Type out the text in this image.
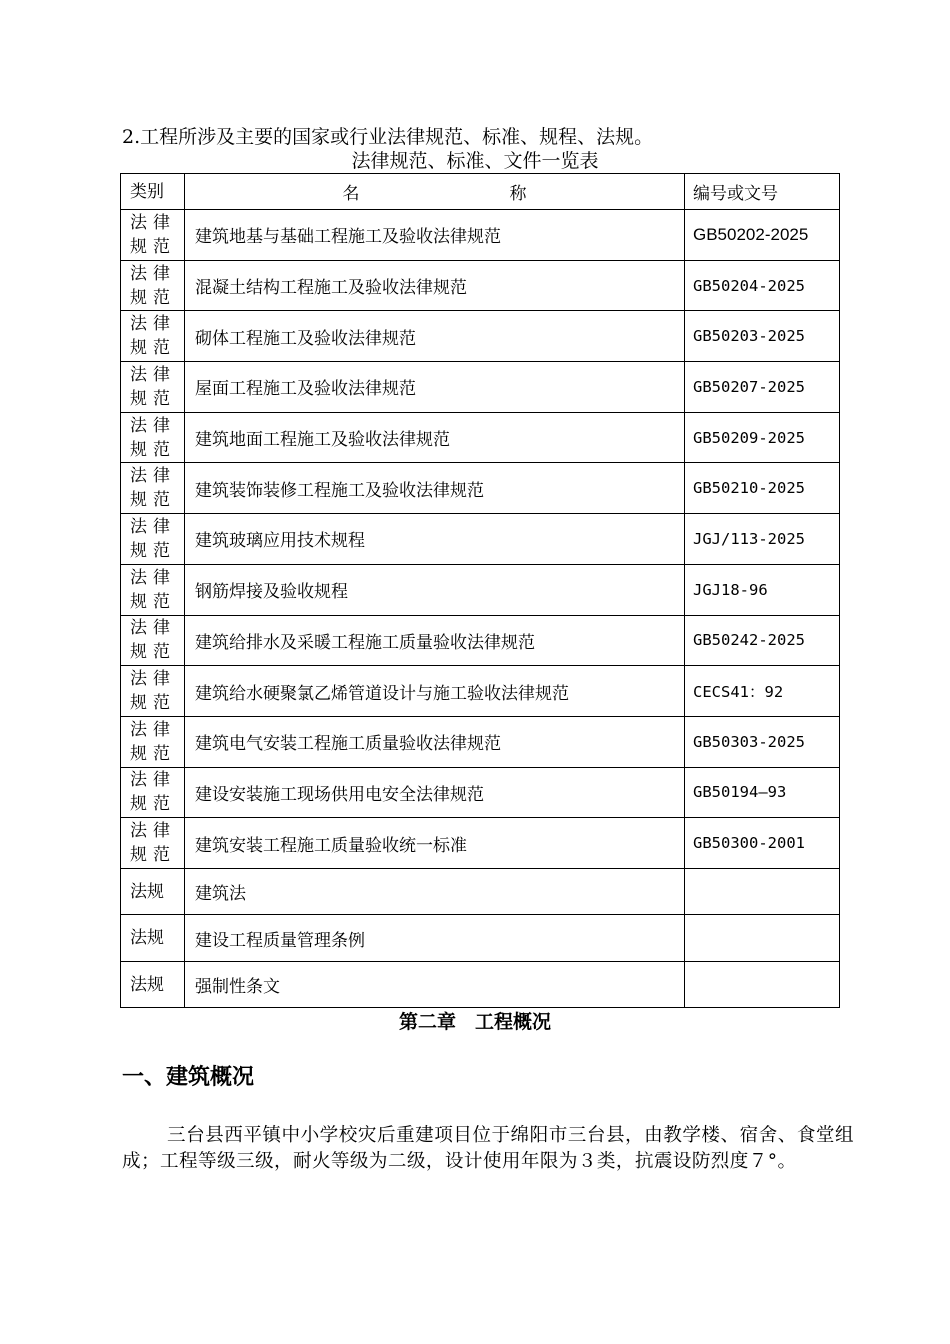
2.工程所涉及主要的国家或行业法律规范、标准、规程、法规。
法律规范、标准、文件一览表
类别	名 称	编号或文号

法律规范	建筑地基与基础工程施工及验收法律规范	GB50202-2025

法律规范	混凝土结构工程施工及验收法律规范	GB50204-2025

法律规范	砌体工程施工及验收法律规范	GB50203-2025

法律规范	屋面工程施工及验收法律规范	GB50207-2025

法律规范	建筑地面工程施工及验收法律规范	GB50209-2025

法律规范	建筑装饰装修工程施工及验收法律规范	GB50210-2025

法律规范	建筑玻璃应用技术规程	JGJ/113-2025

法律规范	钢筋焊接及验收规程	JGJ18-96

法律规范	建筑给排水及采暖工程施工质量验收法律规范	GB50242-2025

法律规范	建筑给水硬聚氯乙烯管道设计与施工验收法律规范	CECS41：92

法律规范	建筑电气安装工程施工质量验收法律规范	GB50303-2025

法律规范	建设安装施工现场供用电安全法律规范	GB50194—93

法律规范	建筑安装工程施工质量验收统一标准	GB50300-2001

法规	建筑法	

法规	建设工程质量管理条例	

法规	强制性条文	
第二章　工程概况
一、建筑概况
三台县西平镇中小学校灾后重建项目位于绵阳市三台县，由教学楼、宿舍、食堂组成；工程等级三级，耐火等级为二级，设计使用年限为３类，抗震设防烈度７°。
